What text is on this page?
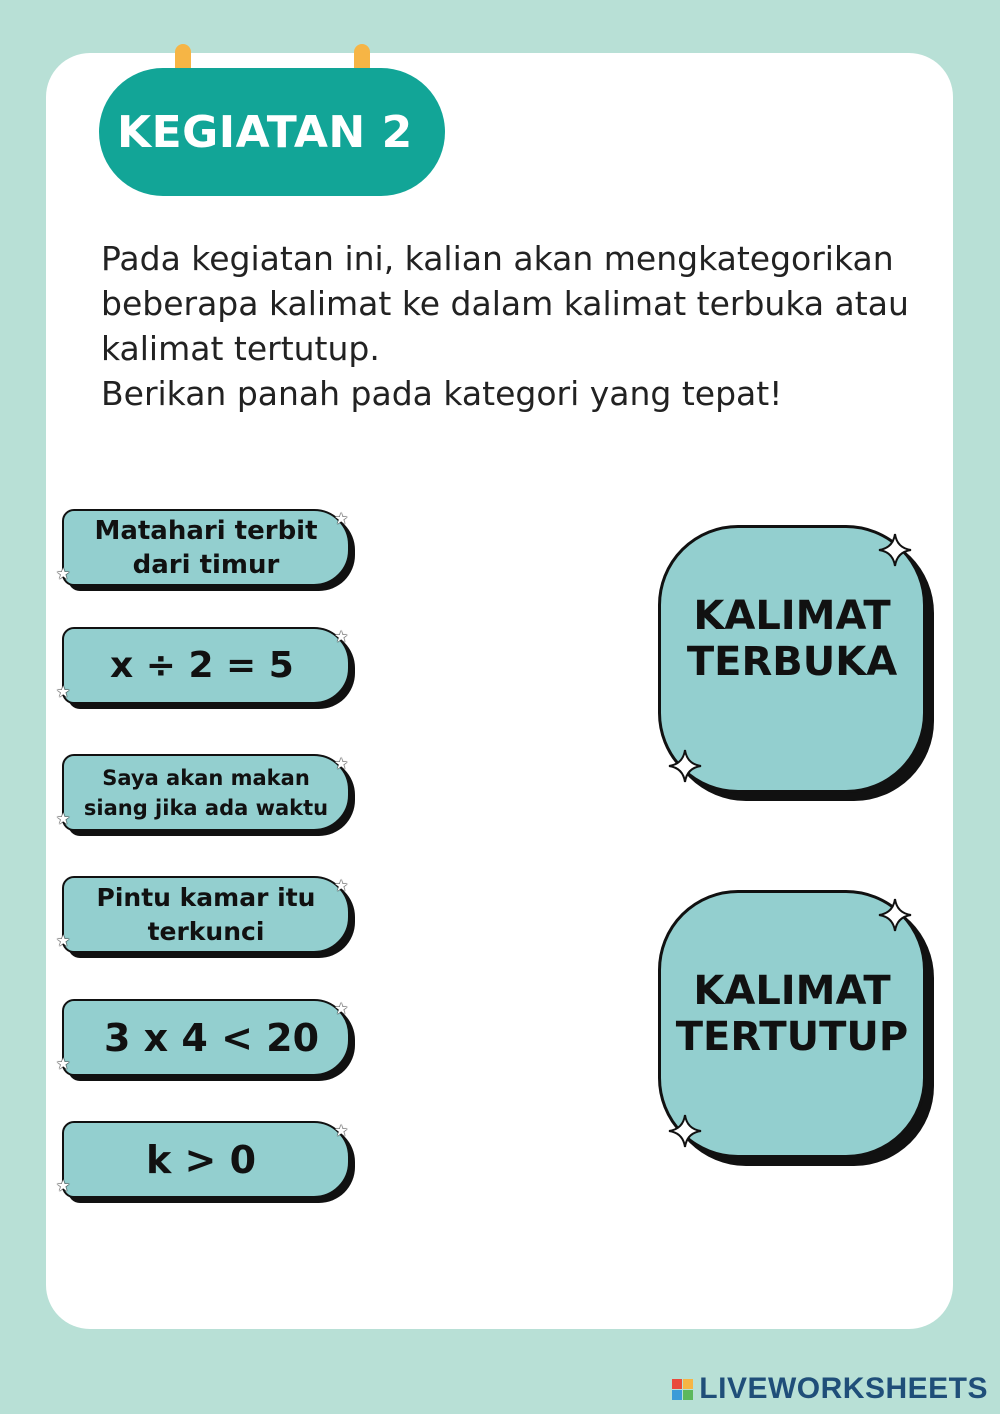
KEGIATAN 2

Pada kegiatan ini, kalian akan mengkategorikan beberapa kalimat ke dalam kalimat terbuka atau kalimat tertutup.

Berikan panah pada kategori yang tepat!

Matahari terbit dari timur
★
★
x ÷ 2 = 5
★
★
Saya akan makan siang jika ada waktu
★
★
Pintu kamar itu terkunci
★
★
3 x 4 < 20
★
★
k > 0
★
★
KALIMAT TERBUKA
KALIMAT TERTUTUP
LIVEWORKSHEETS
